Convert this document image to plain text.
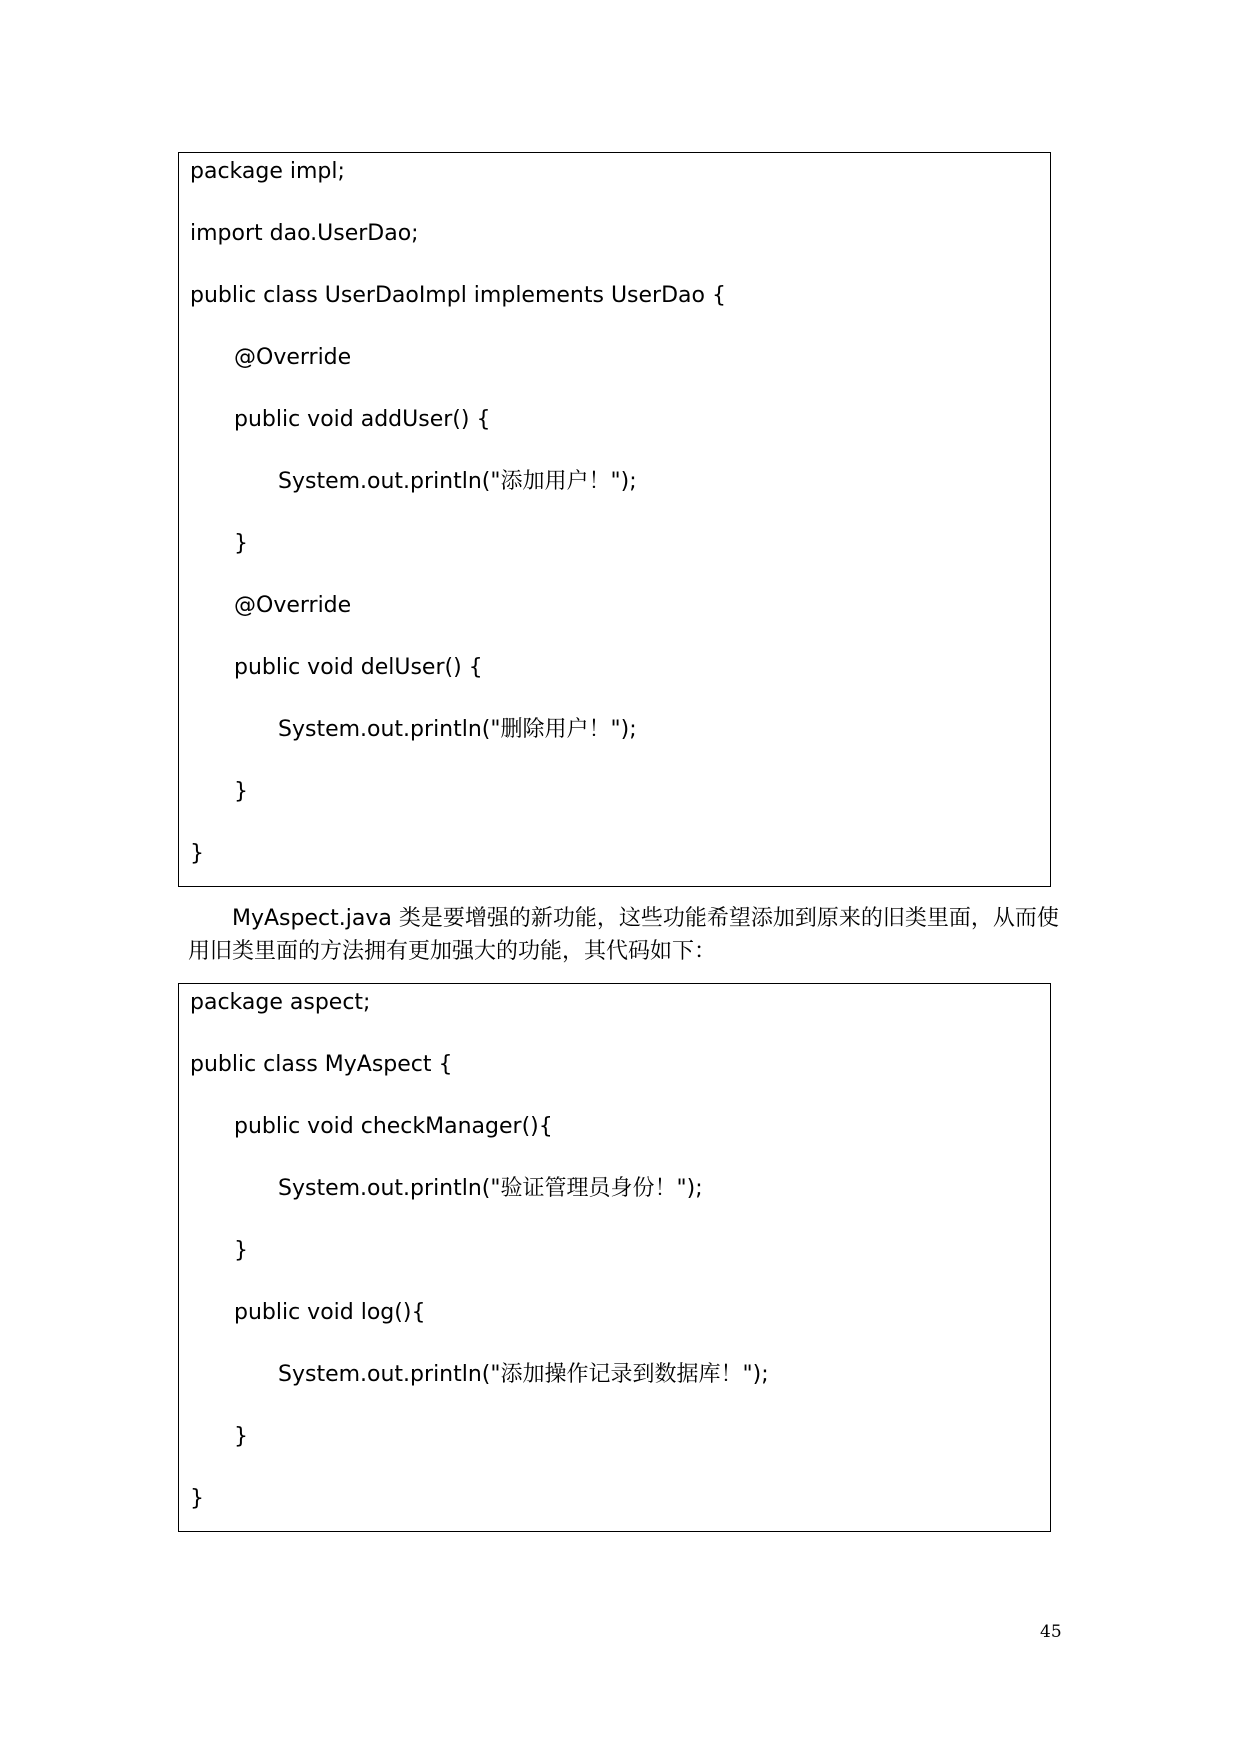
package impl;
import dao.UserDao;
public class UserDaoImpl implements UserDao {
@Override
public void addUser() {
System.out.println("添加用户！");
}
@Override
public void delUser() {
System.out.println("删除用户！");
}
}

MyAspect.java 类是要增强的新功能，这些功能希望添加到原来的旧类里面，从而使用旧类里面的方法拥有更加强大的功能，其代码如下：

package aspect;
public class MyAspect {
public void checkManager(){
System.out.println("验证管理员身份！");
}
public void log(){
System.out.println("添加操作记录到数据库！");
}
}
45
